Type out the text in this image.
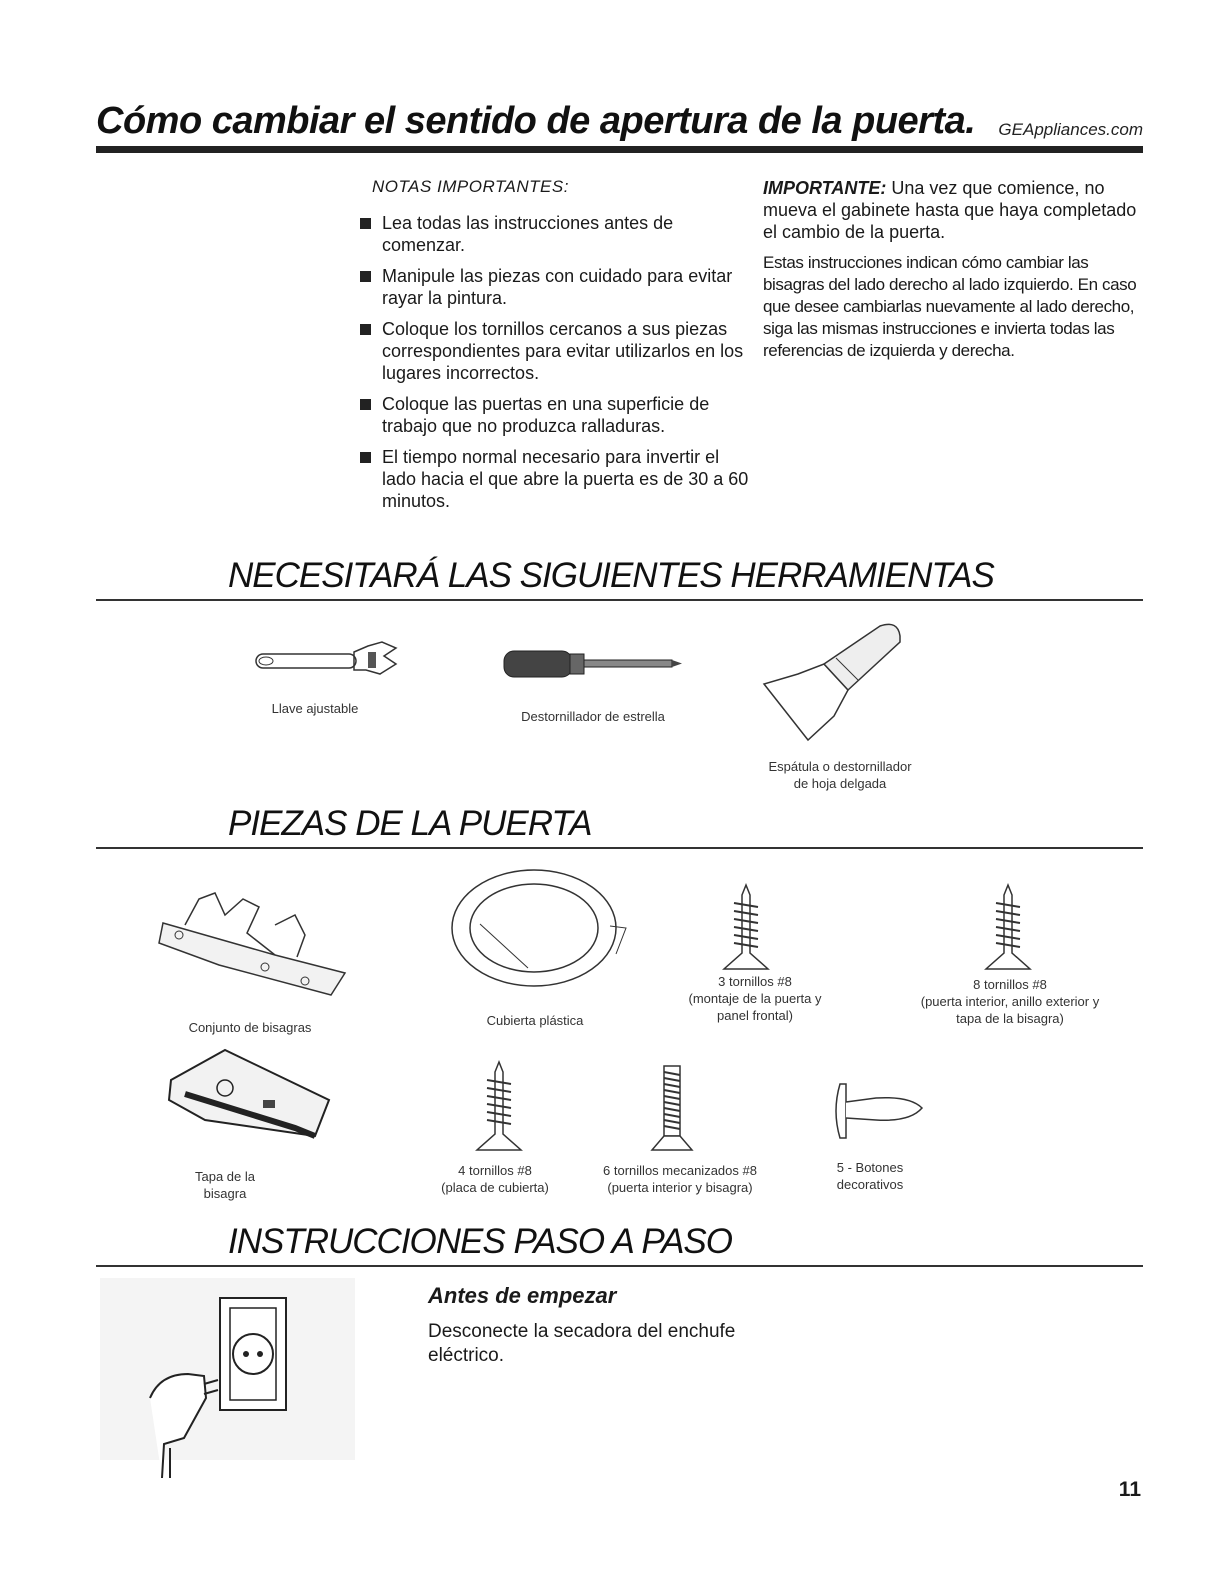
Cómo cambiar el sentido de apertura de la puerta. GEAppliances.com
NOTAS IMPORTANTES:
Lea todas las instrucciones antes de comenzar.
Manipule las piezas con cuidado para evitar rayar la pintura.
Coloque los tornillos cercanos a sus piezas correspondientes para evitar utilizarlos en los lugares incorrectos.
Coloque las puertas en una superficie de trabajo que no produzca ralladuras.
El tiempo normal necesario para invertir el lado hacia el que abre la puerta es de 30 a 60 minutos.
IMPORTANTE: Una vez que comience, no mueva el gabinete hasta que haya completado el cambio de la puerta.
Estas instrucciones indican cómo cambiar las bisagras del lado derecho al lado izquierdo. En caso que desee cambiarlas nuevamente al lado derecho, siga las mismas instrucciones e invierta todas las referencias de izquierda y derecha.
NECESITARÁ LAS SIGUIENTES HERRAMIENTAS
Llave ajustable
Destornillador de estrella
Espátula o destornillador
de hoja delgada
PIEZAS DE LA PUERTA
Conjunto de bisagras	Cubierta plástica
3 tornillos #8
(montaje de la puerta y
panel frontal)
8 tornillos #8
(puerta interior, anillo exterior y
tapa de la bisagra)
Tapa de la
bisagra
4 tornillos #8
(placa de cubierta)
6 tornillos mecanizados #8
(puerta interior y bisagra)
5 - Botones
decorativos
INSTRUCCIONES PASO A PASO
Antes de empezar
Desconecte la secadora del enchufe eléctrico.
11
